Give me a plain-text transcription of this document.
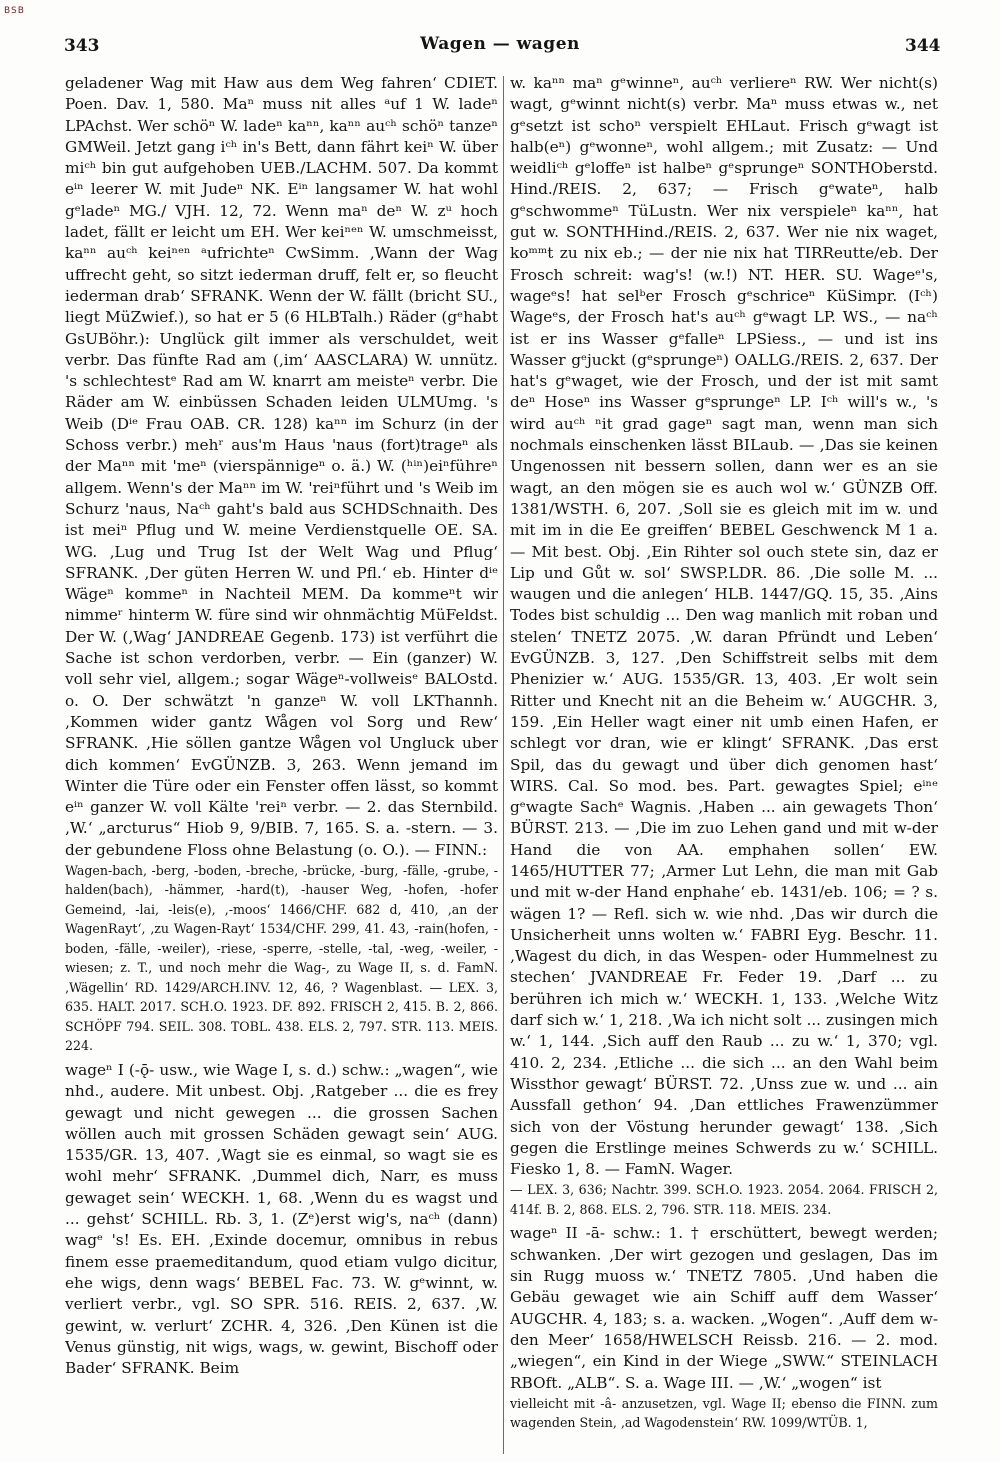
BSB
343	Wagen — wagen	344

geladener Wag mit Haw aus dem Weg fahren‘ CDIET. Poen. Dav. 1, 580. Maⁿ muss nit alles ᵃuf 1 W. ladeⁿ LPAchst. Wer schöⁿ W. ladeⁿ kaⁿⁿ, kaⁿⁿ auᶜʰ schöⁿ tanzeⁿ GMWeil. Jetzt gang iᶜʰ in's Bett, dann fährt keiⁿ W. über miᶜʰ bin gut aufgehoben UEB./LACHM. 507. Da kommt eⁱⁿ leerer W. mit Judeⁿ NK. Eⁱⁿ langsamer W. hat wohl gᵉladeⁿ MG./ VJH. 12, 72. Wenn maⁿ deⁿ W. zᵘ hoch ladet, fällt er leicht um EH. Wer keiⁿᵉⁿ W. umschmeisst, kaⁿⁿ auᶜʰ keiⁿᵉⁿ ᵃufrichteⁿ CwSimm. ‚Wann der Wag uffrecht geht, so sitzt iederman druff, felt er, so fleucht iederman drab‘ SFRANK. Wenn der W. fällt (bricht SU., liegt MüZwief.), so hat er 5 (6 HLBTalh.) Räder (gᵉhabt GsUBöhr.): Unglück gilt immer als verschuldet, weit verbr. Das fünfte Rad am (‚im‘ AASCLARA) W. unnütz. 's schlechtestᵉ Rad am W. knarrt am meisteⁿ verbr. Die Räder am W. einbüssen Schaden leiden ULMUmg. 's Weib (Dⁱᵉ Frau OAB. CR. 128) kaⁿⁿ im Schurz (in der Schoss verbr.) mehʳ aus'm Haus 'naus (fort)trageⁿ als der Maⁿⁿ mit 'meⁿ (vierspännigeⁿ o. ä.) W. (ʰⁱⁿ)eiⁿführeⁿ allgem. Wenn's der Maⁿⁿ im W. 'reiⁿführt und 's Weib im Schurz 'naus, Naᶜʰ gaht's bald aus SCHDSchnaith. Des ist meiⁿ Pflug und W. meine Verdienstquelle OE. SA. WG. ‚Lug und Trug Ist der Welt Wag und Pflug‘ SFRANK. ‚Der güten Herren W. und Pfl.‘ eb. Hinter dⁱᵉ Wägeⁿ kommeⁿ in Nachteil MEM. Da kommeⁿt wir nimmeʳ hinterm W. füre sind wir ohnmächtig MüFeldst. Der W. (‚Wag‘ JANDREAE Gegenb. 173) ist verführt die Sache ist schon verdorben, verbr. — Ein (ganzer) W. voll sehr viel, allgem.; sogar Wägeⁿ-vollweisᵉ BALOstd. o. O. Der schwätzt 'n ganzeⁿ W. voll LKThannh. ‚Kommen wider gantz Wågen vol Sorg und Rew‘ SFRANK. ‚Hie söllen gantze Wågen vol Ungluck uber dich kommen‘ EvGÜNZB. 3, 263. Wenn jemand im Winter die Türe oder ein Fenster offen lässt, so kommt eⁱⁿ ganzer W. voll Kälte 'reiⁿ verbr. — 2. das Sternbild. ‚W.‘ „arcturus“ Hiob 9, 9/BIB. 7, 165. S. a. -stern. — 3. der gebundene Floss ohne Belastung (o. O.). — FINN.:

Wagen-bach, -berg, -boden, -breche, -brücke, -burg, -fälle, -grube, -halden(bach), -hämmer, -hard(t), -hauser Weg, -hofen, -hofer Gemeind, -lai, -leis(e), ‚-moos‘ 1466/CHF. 682 d, 410, ‚an der WagenRayt‘, ‚zu Wagen-Rayt‘ 1534/CHF. 299, 41. 43, -rain(hofen, -boden, -fälle, -weiler), -riese, -sperre, -stelle, -tal, -weg, -weiler, -wiesen; z. T., und noch mehr die Wag-, zu Wage II, s. d. FamN. ‚Wägellin‘ RD. 1429/ARCH.INV. 12, 46, ? Wagenblast. — LEX. 3, 635. HALT. 2017. SCH.O. 1923. DF. 892. FRISCH 2, 415. B. 2, 866. SCHÖPF 794. SEIL. 308. TOBL. 438. ELS. 2, 797. STR. 113. MEIS. 224.

wageⁿ I (-ǭ- usw., wie Wage I, s. d.) schw.: „wagen“, wie nhd., audere. Mit unbest. Obj. ‚Ratgeber ... die es frey gewagt und nicht gewegen ... die grossen Sachen wöllen auch mit grossen Schäden gewagt sein‘ AUG. 1535/GR. 13, 407. ‚Wagt sie es einmal, so wagt sie es wohl mehr‘ SFRANK. ‚Dummel dich, Narr, es muss gewaget sein‘ WECKH. 1, 68. ‚Wenn du es wagst und ... gehst‘ SCHILL. Rb. 3, 1. (Zᵉ)erst wig's, naᶜʰ (dann) wagᵉ 's! Es. EH. ‚Exinde docemur, omnibus in rebus finem esse praemeditandum, quod etiam vulgo dicitur, ehe wigs, denn wags‘ BEBEL Fac. 73. W. gᵉwinnt, w. verliert verbr., vgl. SO SPR. 516. REIS. 2, 637. ‚W. gewint, w. verlurt‘ ZCHR. 4, 326. ‚Den Künen ist die Venus günstig, nit wigs, wags, w. gewint, Bischoff oder Bader‘ SFRANK. Beim

w. kaⁿⁿ maⁿ gᵉwinneⁿ, auᶜʰ verliereⁿ RW. Wer nicht(s) wagt, gᵉwinnt nicht(s) verbr. Maⁿ muss etwas w., net gᵉsetzt ist schoⁿ verspielt EHLaut. Frisch gᵉwagt ist halb(eⁿ) gᵉwonneⁿ, wohl allgem.; mit Zusatz: — Und weidliᶜʰ gᵉloffeⁿ ist halbeⁿ gᵉsprungeⁿ SONTHOberstd. Hind./REIS. 2, 637; — Frisch gᵉwateⁿ, halb gᵉschwommeⁿ TüLustn. Wer nix verspieleⁿ kaⁿⁿ, hat gut w. SONTHHind./REIS. 2, 637. Wer nie nix waget, koᵐᵐt zu nix eb.; — der nie nix hat TIRReutte/eb. Der Frosch schreit: wag's! (w.!) NT. HER. SU. Wageᵉ's, wageᵉs! hat selᵇer Frosch gᵉschriceⁿ KüSimpr. (Iᶜʰ) Wageᵉs, der Frosch hat's auᶜʰ gᵉwagt LP. WS., — naᶜʰ ist er ins Wasser gᵉfalleⁿ LPSiess., — und ist ins Wasser gᵉjuckt (gᵉsprungeⁿ) OALLG./REIS. 2, 637. Der hat's gᵉwaget, wie der Frosch, und der ist mit samt deⁿ Hoseⁿ ins Wasser gᵉsprungeⁿ LP. Iᶜʰ will's w., 's wird auᶜʰ ⁿit grad gageⁿ sagt man, wenn man sich nochmals einschenken lässt BILaub. — ‚Das sie keinen Ungenossen nit bessern sollen, dann wer es an sie wagt, an den mögen sie es auch wol w.‘ GÜNZB Off. 1381/WSTH. 6, 207. ‚Soll sie es gleich mit im w. und mit im in die Ee greiffen‘ BEBEL Geschwenck M 1 a. — Mit best. Obj. ‚Ein Rihter sol ouch stete sin, daz er Lip und Gůt w. sol‘ SWSP.LDR. 86. ‚Die solle M. ... waugen und die anlegen‘ HLB. 1447/GQ. 15, 35. ‚Ains Todes bist schuldig ... Den wag manlich mit roban und stelen‘ TNETZ 2075. ‚W. daran Pfründt und Leben‘ EvGÜNZB. 3, 127. ‚Den Schiffstreit selbs mit dem Phenizier w.‘ AUG. 1535/GR. 13, 403. ‚Er wolt sein Ritter und Knecht nit an die Beheim w.‘ AUGCHR. 3, 159. ‚Ein Heller wagt einer nit umb einen Hafen, er schlegt vor dran, wie er klingt‘ SFRANK. ‚Das erst Spil, das du gewagt und über dich genomen hast‘ WIRS. Cal. So mod. bes. Part. gewagtes Spiel; eⁱⁿᵉ gᵉwagte Sachᵉ Wagnis. ‚Haben ... ain gewagets Thon‘ BÜRST. 213. — ‚Die im zuo Lehen gand und mit w-der Hand die von AA. emphahen sollen‘ EW. 1465/HUTTER 77; ‚Armer Lut Lehn, die man mit Gab und mit w-der Hand enphahe‘ eb. 1431/eb. 106; = ? s. wägen 1? — Refl. sich w. wie nhd. ‚Das wir durch die Unsicherheit unns wolten w.‘ FABRI Eyg. Beschr. 11. ‚Wagest du dich, in das Wespen- oder Hummelnest zu stechen‘ JVANDREAE Fr. Feder 19. ‚Darf ... zu berühren ich mich w.‘ WECKH. 1, 133. ‚Welche Witz darf sich w.‘ 1, 218. ‚Wa ich nicht solt ... zusingen mich w.‘ 1, 144. ‚Sich auff den Raub ... zu w.‘ 1, 370; vgl. 410. 2, 234. ‚Etliche ... die sich ... an den Wahl beim Wissthor gewagt‘ BÜRST. 72. ‚Unss zue w. und ... ain Aussfall gethon‘ 94. ‚Dan ettliches Frawenzümmer sich von der Vöstung herunder gewagt‘ 138. ‚Sich gegen die Erstlinge meines Schwerds zu w.‘ SCHILL. Fiesko 1, 8. — FamN. Wager.

— LEX. 3, 636; Nachtr. 399. SCH.O. 1923. 2054. 2064. FRISCH 2, 414f. B. 2, 868. ELS. 2, 796. STR. 118. MEIS. 234.

wageⁿ II -ā- schw.: 1. † erschüttert, bewegt werden; schwanken. ‚Der wirt gezogen und geslagen, Das im sin Rugg muoss w.‘ TNETZ 7805. ‚Und haben die Gebäu gewaget wie ain Schiff auff dem Wasser‘ AUGCHR. 4, 183; s. a. wacken. „Wogen“. ‚Auff dem w-den Meer‘ 1658/HWELSCH Reissb. 216. — 2. mod. „wiegen“, ein Kind in der Wiege „SWW.“ STEINLACH RBOft. „ALB“. S. a. Wage III. — ‚W.‘ „wogen“ ist

vielleicht mit -â- anzusetzen, vgl. Wage II; ebenso die FINN. zum wagenden Stein, ‚ad Wagodenstein‘ RW. 1099/WTÜB. 1,
